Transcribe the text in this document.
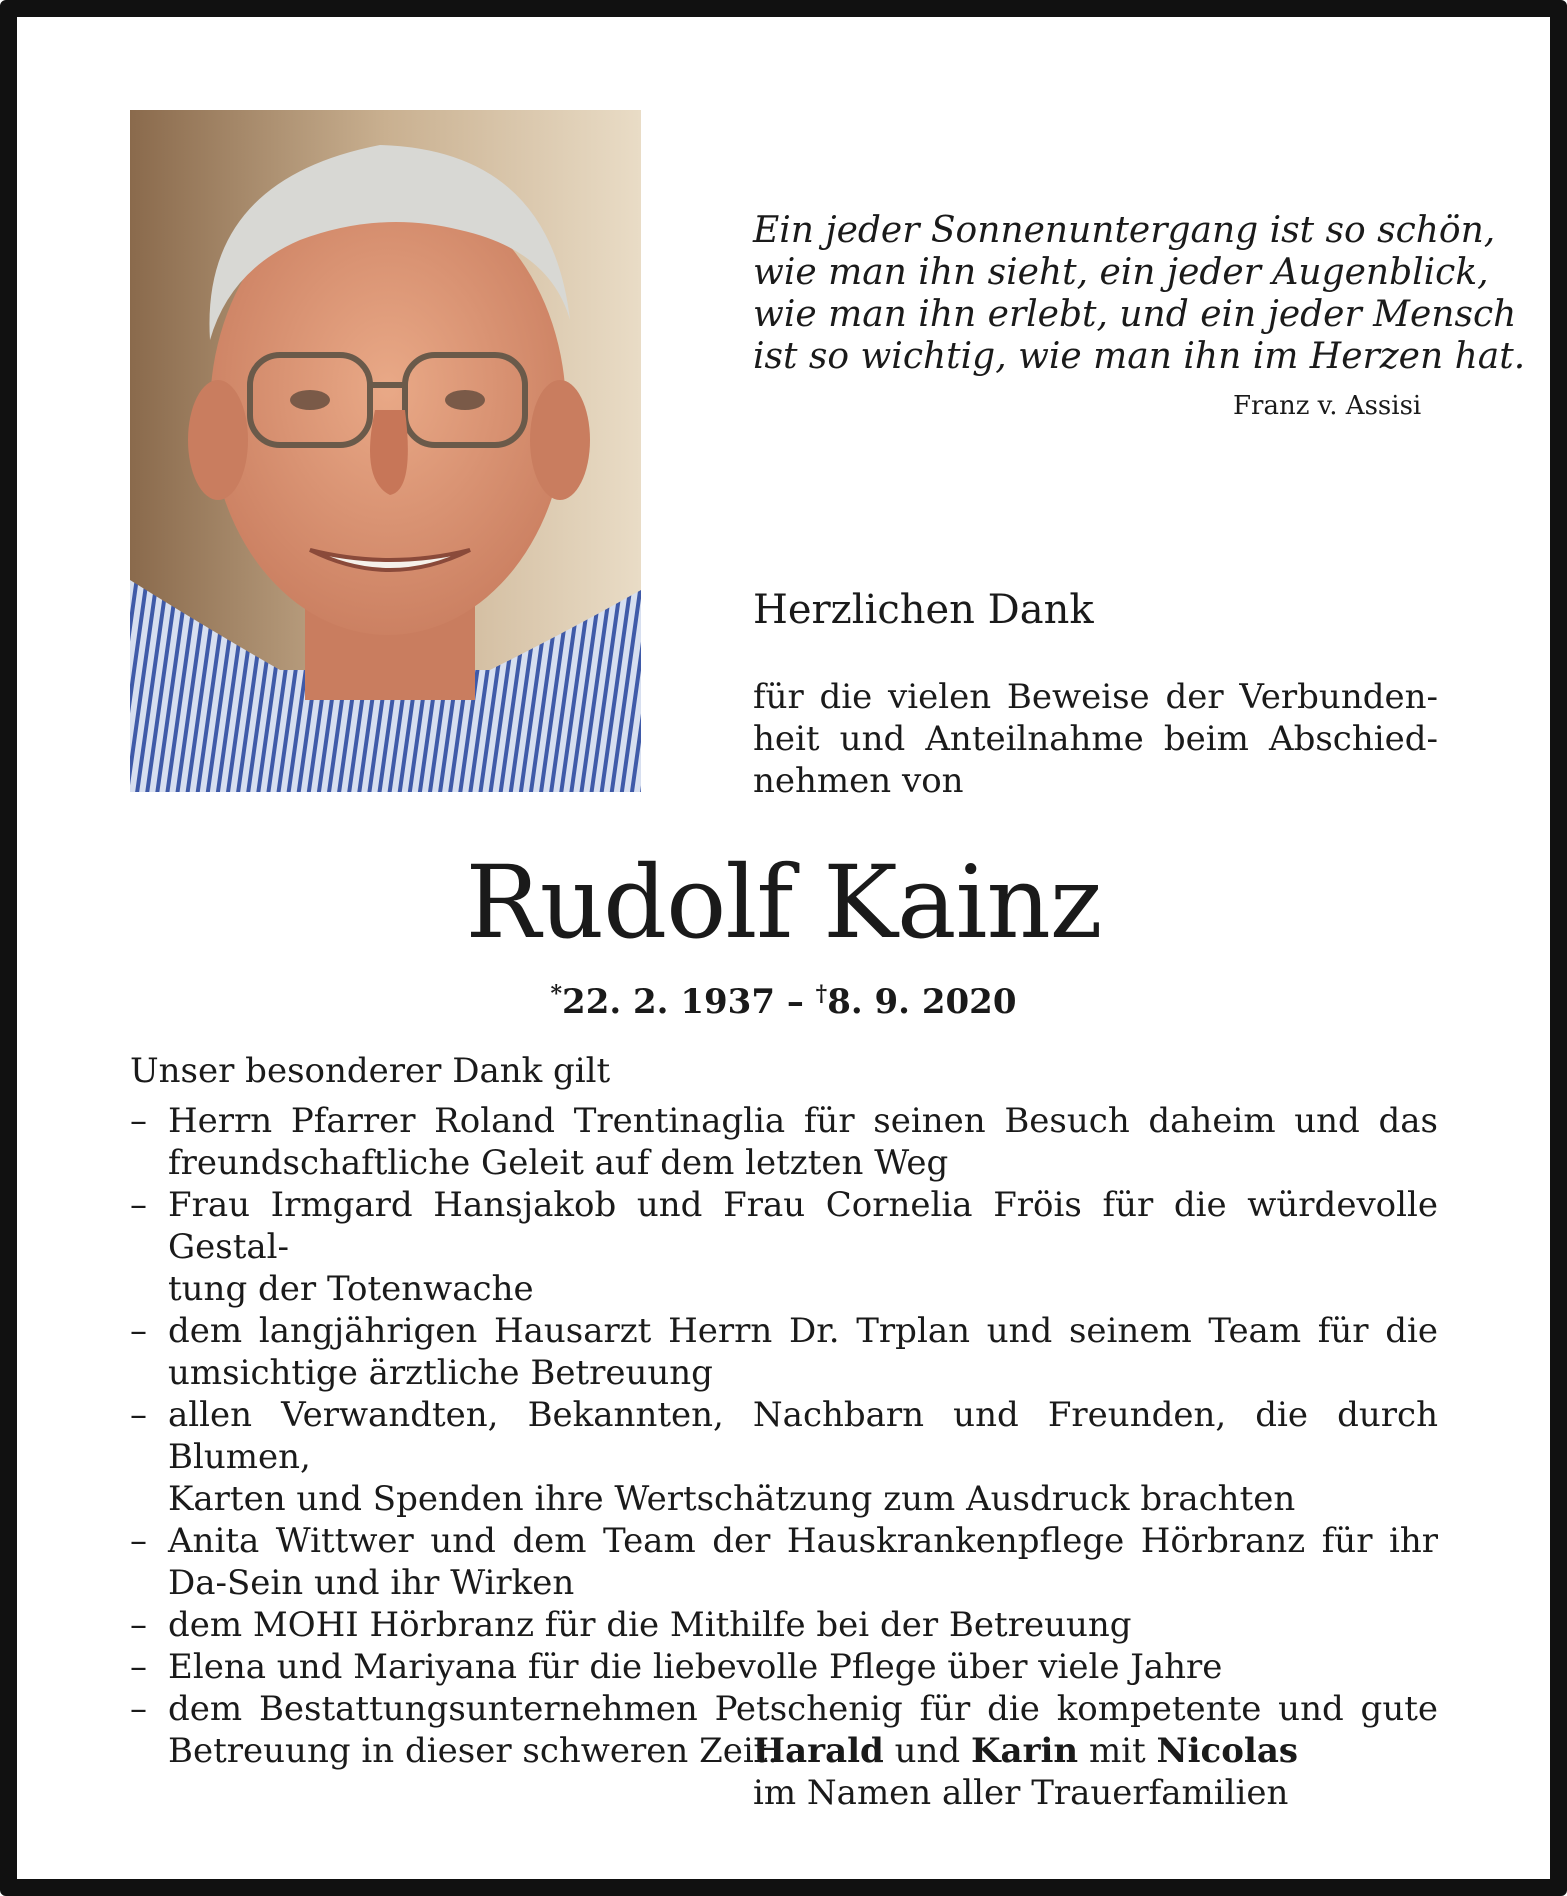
Ein jeder Sonnenuntergang ist so schön,
wie man ihn sieht, ein jeder Augenblick,
wie man ihn erlebt, und ein jeder Mensch
ist so wichtig, wie man ihn im Herzen hat.
Franz v. Assisi
Herzlichen Dank
für die vielen Beweise der Verbunden-
heit und Anteilnahme beim Abschied-
nehmen von
Rudolf Kainz
*22. 2. 1937 – †8. 9. 2020
Unser besonderer Dank gilt
– Herrn Pfarrer Roland Trentinaglia für seinen Besuch daheim und das
freundschaftliche Geleit auf dem letzten Weg
– Frau Irmgard Hansjakob und Frau Cornelia Fröis für die würdevolle Gestal-
tung der Totenwache
– dem langjährigen Hausarzt Herrn Dr. Trplan und seinem Team für die
umsichtige ärztliche Betreuung
– allen Verwandten, Bekannten, Nachbarn und Freunden, die durch Blumen,
Karten und Spenden ihre Wertschätzung zum Ausdruck brachten
– Anita Wittwer und dem Team der Hauskrankenpflege Hörbranz für ihr
Da-Sein und ihr Wirken
– dem MOHI Hörbranz für die Mithilfe bei der Betreuung
– Elena und Mariyana für die liebevolle Pflege über viele Jahre
– dem Bestattungsunternehmen Petschenig für die kompetente und gute
Betreuung in dieser schweren Zeit.
Harald und Karin mit Nicolas
im Namen aller Trauerfamilien
